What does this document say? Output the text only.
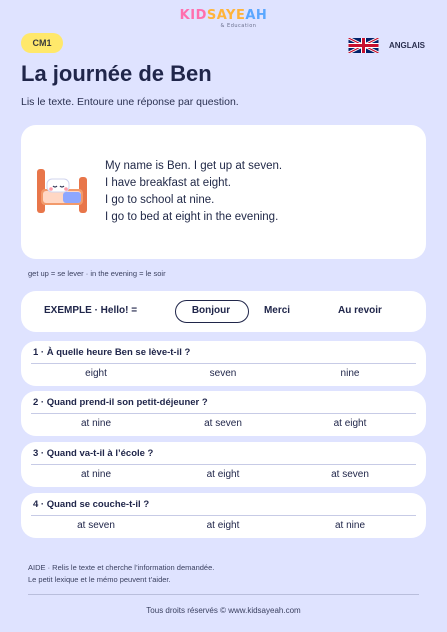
KIDSAYEAH
& Education
CM1	ANGLAIS
La journée de Ben
Lis le texte. Entoure une réponse par question.
My name is Ben. I get up at seven.
I have breakfast at eight.
I go to school at nine.
I go to bed at eight in the evening.
get up = se lever · in the evening = le soir
EXEMPLE · Hello! =	Bonjour	Merci	Au revoir
1 · À quelle heure Ben se lève-t-il ?
eight	seven	nine
2 · Quand prend-il son petit-déjeuner ?
at nine	at seven	at eight
3 · Quand va-t-il à l’école ?
at nine	at eight	at seven
4 · Quand se couche-t-il ?
at seven	at eight	at nine
AIDE · Relis le texte et cherche l’information demandée.
Le petit lexique et le mémo peuvent t’aider.
Tous droits réservés © www.kidsayeah.com
